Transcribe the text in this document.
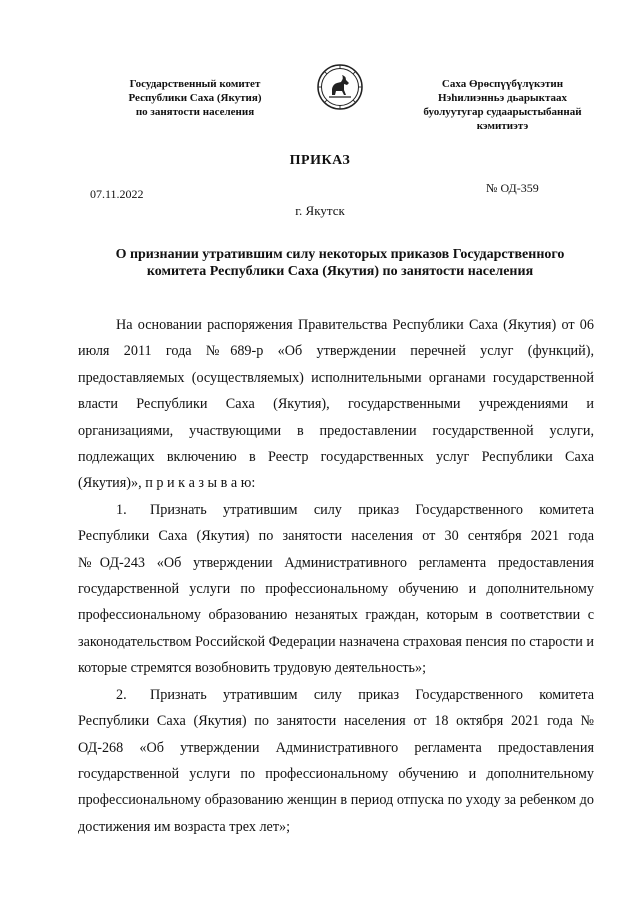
Государственный комитет
Республики Саха (Якутия)
по занятости населения
Саха Өрөспүүбүлүкэтин
Нэһилиэнньэ дьарыктаах
буолуутугар судаарыстыбаннай
кэмитиэтэ
ПРИКАЗ
07.11.2022	№ ОД-359
г. Якутск
О признании утратившим силу некоторых приказов Государственного комитета Республики Саха (Якутия) по занятости населения

На основании распоряжения Правительства Республики Саха (Якутия) от 06 июля 2011 года №689-р «Об утверждении перечней услуг (функций), предоставляемых (осуществляемых) исполнительными органами государственной власти Республики Саха (Якутия), государственными учреждениями и организациями, участвующими в предоставлении государственной услуги, подлежащих включению в Реестр государственных услуг Республики Саха (Якутия)», п р и к а з ы в а ю:

1. Признать утратившим силу приказ Государственного комитета Республики Саха (Якутия) по занятости населения от 30 сентября 2021 года №ОД-243 «Об утверждении Административного регламента предоставления государственной услуги по профессиональному обучению и дополнительному профессиональному образованию незанятых граждан, которым в соответствии с законодательством Российской Федерации назначена страховая пенсия по старости и которые стремятся возобновить трудовую деятельность»;

2. Признать утратившим силу приказ Государственного комитета Республики Саха (Якутия) по занятости населения от 18 октября 2021 года № ОД-268 «Об утверждении Административного регламента предоставления государственной услуги по профессиональному обучению и дополнительному профессиональному образованию женщин в период отпуска по уходу за ребенком до достижения им возраста трех лет»;
